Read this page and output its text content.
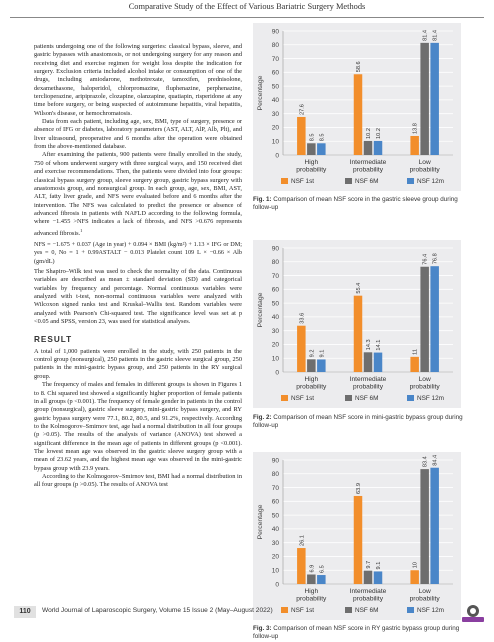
Comparative Study of the Effect of Various Bariatric Surgery Methods

patients undergoing one of the following surgeries: classical bypass, sleeve, and gastric bypasses with anastomosis, or not undergoing surgery for any reason and receiving diet and exercise regimen for weight loss despite the indication for surgery. Exclusion criteria included alcohol intake or consumption of one of the drugs, including amiodarone, methotrexate, tamoxifen, prednisolone, dexamethasone, haloperidol, chlorpromazine, fluphenazine, perphenazine, terclioperazine, aripiprazole, clozapine, olanzapine, quatiapin, risperidone at any time before surgery, or being suspected of autoimmune hepatitis, viral hepatitis, Wilson's disease, or hemochromatosis.

Data from each patient, including age, sex, BMI, type of surgery, presence or absence of IFG or diabetes, laboratory parameters (AST, ALT, AlP, Alb, Plt), and liver ultrasound, preoperative and 6 months after the operation were obtained from the above-mentioned database.

After examining the patients, 900 patients were finally enrolled in the study, 750 of whom underwent surgery with three surgical ways, and 150 received diet and exercise recommendations. Then, the patients were divided into four groups: classical bypass surgery group, sleeve surgery group, gastric bypass surgery with anastomosis group, and nonsurgical group. In each group, age, sex, BMI, AST, ALT, fatty liver grade, and NFS were evaluated before and 6 months after the intervention. The NFS was calculated to predict the presence or absence of advanced fibrosis in patients with NAFLD according to the following formula, where −1.455 >NFS indicates a lack of fibrosis, and NFS >0.676 represents advanced fibrosis.$^1$

NFS = −1.675 + 0.037 (Age in year) + 0.094 × BMI (kg/m²) + 1.13 × IFG or DM; yes = 0, No = 1 + 0.99ASTALT − 0.013 Platelet count 109 L × −0.66 × Alb (gm/dL)

The Shapiro–Wilk test was used to check the normality of the data. Continuous variables are described as mean ± standard deviation (SD) and categorical variables by frequency and percentage. Normal continuous variables were analyzed with t-test, non-normal continuous variables were analyzed with Wilcoxon signed ranks test and Kruskal–Wallis test. Random variables were analyzed with Pearson's Chi-squared test. The significance level was set at p <0.05 and SPSS, version 23, was used for statistical analyses.

RESULT

A total of 1,000 patients were enrolled in the study, with 250 patients in the control group (nonsurgical), 250 patients in the gastric sleeve surgical group, 250 patients in the mini-gastric bypass group, and 250 patients in the RY surgical group.

The frequency of males and females in different groups is shown in Figures 1 to 8. Chi squared test showed a significantly higher proportion of female patients in all groups (p <0.001). The frequency of female gender in patients in the control group (nonsurgical), gastric sleeve surgery, mini-gastric bypass surgery, and RY gastric bypass surgery were 77.1, 80.2, 80.5, and 91.2%, respectively. According to the Kolmogorov–Smirnov test, age had a normal distribution in all four groups (p >0.05). The results of the analysis of variance (ANOVA) test showed a significant difference in the mean age of patients in different groups (p <0.001). The lowest mean age was observed in the gastric sleeve surgery group with a mean of 23.62 years, and the highest mean age was observed in the mini-gastric bypass group with 23.9 years.

According to the Kolmogorov–Smirnov test, BMI had a normal distribution in all four groups (p >0.05). The results of ANOVA test

0
10
20
30
40
50
60
70
80
90
Percentage	27.6
8.5 8.5
High probability
58.6
10.2 10.2
Intermediate probability
13.8
81.4 81.4
Low probability
NSF 1st	NSF 6M	NSF 12m
Fig. 1: Comparison of mean NSF score in the gastric sleeve group during follow-up
0
10
20
30
40
50
60
70
80
90
Percentage	33.6
9.2 9.1
High probability
55.4
14.3 14.1
Intermediate probability
11
76.4 76.8
Low probability
NSF 1st	NSF 6M	NSF 12m
Fig. 2: Comparison of mean NSF score in mini-gastric bypass group during follow-up
0
10
20
30
40
50
60
70
80
90
Percentage
26.1
6.9 6.5
High probability
63.9
9.7 9.1
Intermediate probability
10
83.4 84.4
Low probability
NSF 1st	NSF 6M	NSF 12m
Fig. 3: Comparison of mean NSF score in RY gastric bypass group during follow-up
110	World Journal of Laparoscopic Surgery, Volume 15 Issue 2 (May–August 2022)
